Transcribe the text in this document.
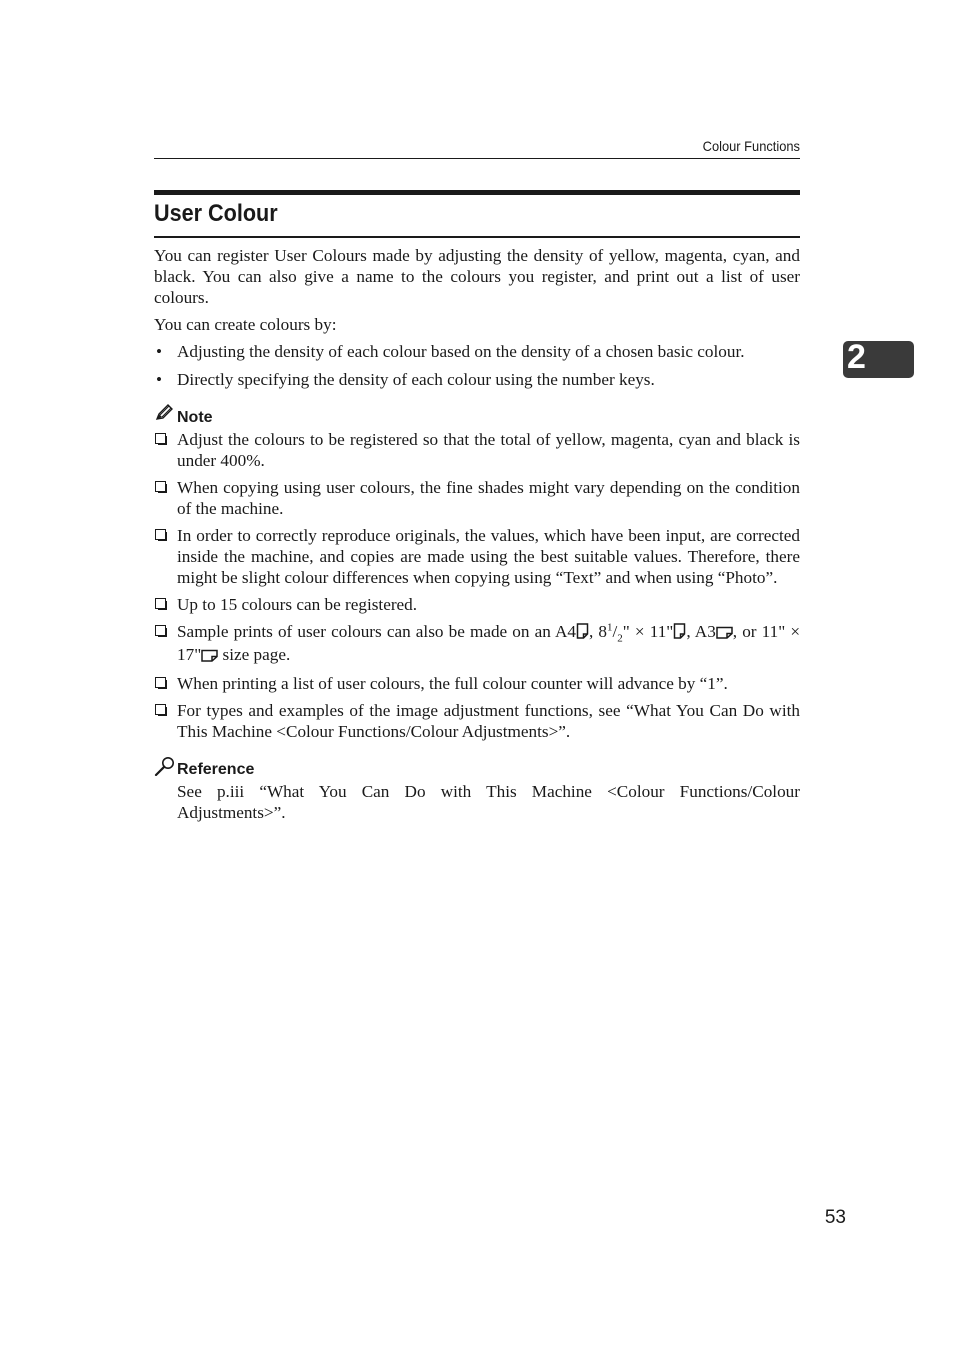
Colour Functions
User Colour

You can register User Colours made by adjusting the density of yellow, magenta, cyan, and black. You can also give a name to the colours you register, and print out a list of user colours.

You can create colours by:

• Adjusting the density of each colour based on the density of a chosen basic colour.
• Directly specifying the density of each colour using the number keys.
Note
Adjust the colours to be registered so that the total of yellow, magenta, cyan and black is under 400%.
When copying using user colours, the fine shades might vary depending on the condition of the machine.
In order to correctly reproduce originals, the values, which have been input, are corrected inside the machine, and copies are made using the best suitable values. Therefore, there might be slight colour differences when copying using “Text” and when using “Photo”.
Up to 15 colours can be registered.
Sample prints of user colours can also be made on an A4 , $8^1/_2$" × 11" , A3 , or 11" × 17" size page.
When printing a list of user colours, the full colour counter will advance by “1”.
For types and examples of the image adjustment functions, see “What You Can Do with This Machine <Colour Functions/Colour Adjustments>”.
Reference
See p.iii “What You Can Do with This Machine <Colour Functions/Colour Adjustments>”.
2
53
